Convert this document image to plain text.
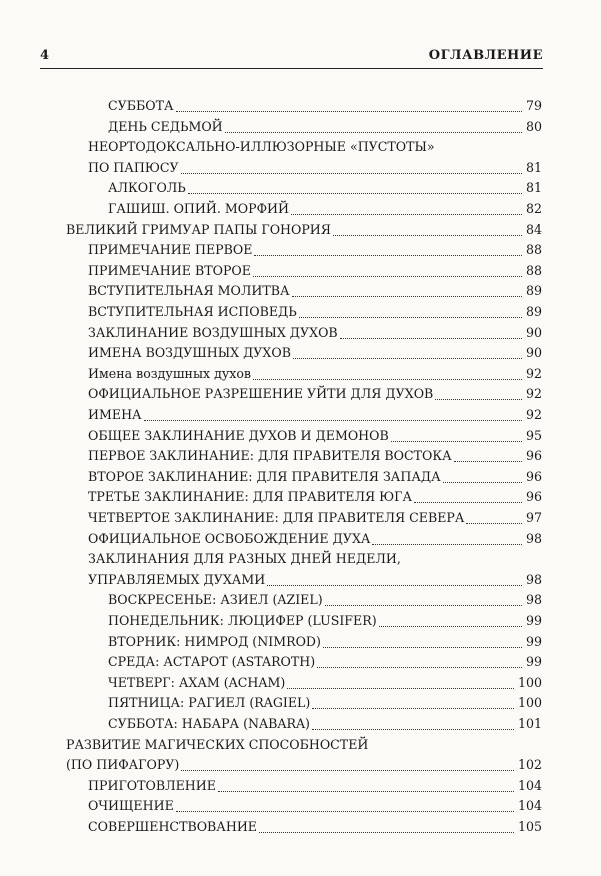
4	ОГЛАВЛЕНИЕ
СУББОТА	79
ДЕНЬ СЕДЬМОЙ	80
НЕОРТОДОКСАЛЬНО-ИЛЛЮЗОРНЫЕ «ПУСТОТЫ»
ПО ПАПЮСУ	81
АЛКОГОЛЬ	81
ГАШИШ. ОПИЙ. МОРФИЙ	82
ВЕЛИКИЙ ГРИМУАР ПАПЫ ГОНОРИЯ	84
ПРИМЕЧАНИЕ ПЕРВОЕ	88
ПРИМЕЧАНИЕ ВТОРОЕ	88
ВСТУПИТЕЛЬНАЯ МОЛИТВА	89
ВСТУПИТЕЛЬНАЯ ИСПОВЕДЬ	89
ЗАКЛИНАНИЕ ВОЗДУШНЫХ ДУХОВ	90
ИМЕНА ВОЗДУШНЫХ ДУХОВ	90
Имена воздушных духов	92
ОФИЦИАЛЬНОЕ РАЗРЕШЕНИЕ УЙТИ ДЛЯ ДУХОВ	92
ИМЕНА	92
ОБЩЕЕ ЗАКЛИНАНИЕ ДУХОВ И ДЕМОНОВ	95
ПЕРВОЕ ЗАКЛИНАНИЕ: ДЛЯ ПРАВИТЕЛЯ ВОСТОКА	96
ВТОРОЕ ЗАКЛИНАНИЕ: ДЛЯ ПРАВИТЕЛЯ ЗАПАДА	96
ТРЕТЬЕ ЗАКЛИНАНИЕ: ДЛЯ ПРАВИТЕЛЯ ЮГА	96
ЧЕТВЕРТОЕ ЗАКЛИНАНИЕ: ДЛЯ ПРАВИТЕЛЯ СЕВЕРА	97
ОФИЦИАЛЬНОЕ ОСВОБОЖДЕНИЕ ДУХА	98
ЗАКЛИНАНИЯ ДЛЯ РАЗНЫХ ДНЕЙ НЕДЕЛИ,
УПРАВЛЯЕМЫХ ДУХАМИ	98
ВОСКРЕСЕНЬЕ: АЗИЕЛ (AZIEL)	98
ПОНЕДЕЛЬНИК: ЛЮЦИФЕР (LUSIFER)	99
ВТОРНИК: НИМРОД (NIMROD)	99
СРЕДА: АСТАРОТ (ASTAROTH)	99
ЧЕТВЕРГ: АХАМ (ACHAM)	100
ПЯТНИЦА: РАГИЕЛ (RAGIEL)	100
СУББОТА: НАБАРА (NABARA)	101
РАЗВИТИЕ МАГИЧЕСКИХ СПОСОБНОСТЕЙ
(ПО ПИФАГОРУ)	102
ПРИГОТОВЛЕНИЕ	104
ОЧИЩЕНИЕ	104
СОВЕРШЕНСТВОВАНИЕ	105
